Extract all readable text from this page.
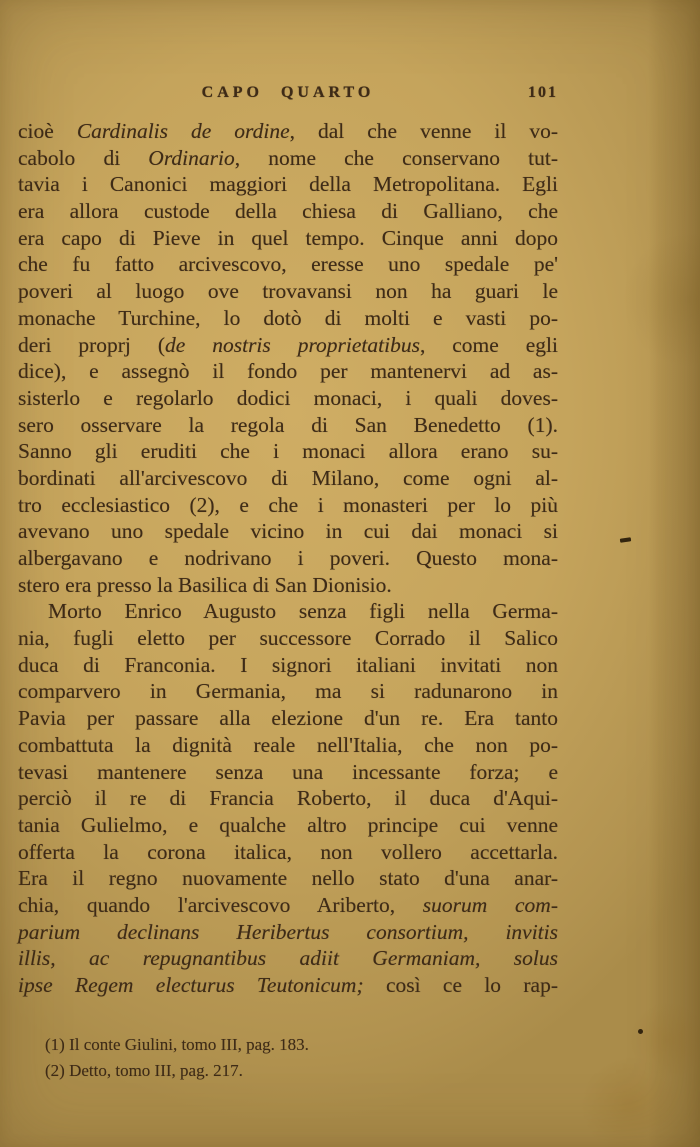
CAPO QUARTO	101
cioè Cardinalis de ordine, dal che venne il vo-
cabolo di Ordinario, nome che conservano tut-
tavia i Canonici maggiori della Metropolitana. Egli
era allora custode della chiesa di Galliano, che
era capo di Pieve in quel tempo. Cinque anni dopo
che fu fatto arcivescovo, eresse uno spedale pe'
poveri al luogo ove trovavansi non ha guari le
monache Turchine, lo dotò di molti e vasti po-
deri proprj (de nostris proprietatibus, come egli
dice), e assegnò il fondo per mantenervi ad as-
sisterlo e regolarlo dodici monaci, i quali doves-
sero osservare la regola di San Benedetto (1).
Sanno gli eruditi che i monaci allora erano su-
bordinati all'arcivescovo di Milano, come ogni al-
tro ecclesiastico (2), e che i monasteri per lo più
avevano uno spedale vicino in cui dai monaci si
albergavano e nodrivano i poveri. Questo mona-
stero era presso la Basilica di San Dionisio.
Morto Enrico Augusto senza figli nella Germa-
nia, fugli eletto per successore Corrado il Salico
duca di Franconia. I signori italiani invitati non
comparvero in Germania, ma si radunarono in
Pavia per passare alla elezione d'un re. Era tanto
combattuta la dignità reale nell'Italia, che non po-
tevasi mantenere senza una incessante forza; e
perciò il re di Francia Roberto, il duca d'Aqui-
tania Gulielmo, e qualche altro principe cui venne
offerta la corona italica, non vollero accettarla.
Era il regno nuovamente nello stato d'una anar-
chia, quando l'arcivescovo Ariberto, suorum com-
parium declinans Heribertus consortium, invitis
illis, ac repugnantibus adiit Germaniam, solus
ipse Regem electurus Teutonicum; così ce lo rap-
(1) Il conte Giulini, tomo III, pag. 183.
(2) Detto, tomo III, pag. 217.
